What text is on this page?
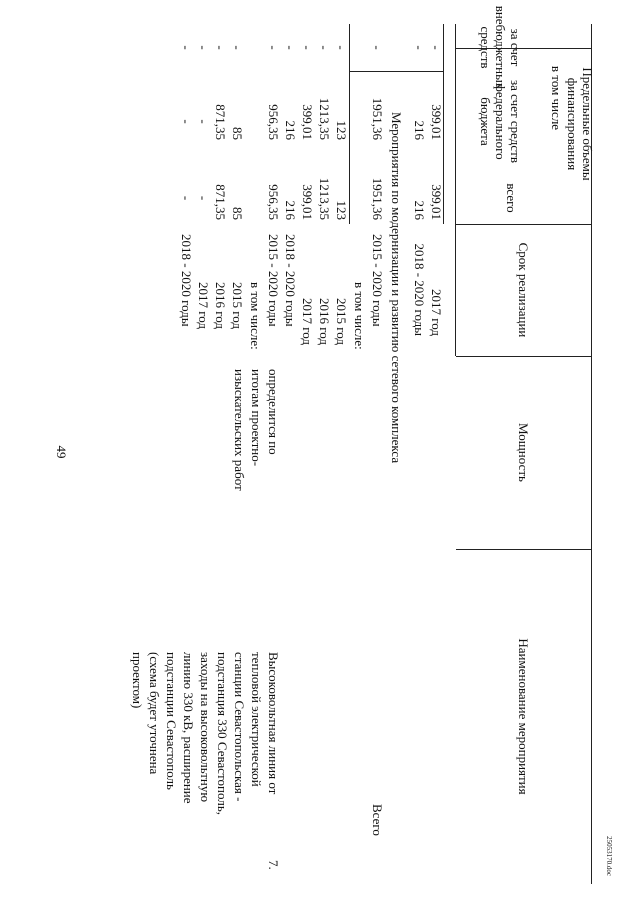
49
25053170.doc
Наименование мероприятия
Мощность
Срок реализации
Предельные объемы финансирования
всего
в том числе
за счет средств федерального бюджета
за счет внебюджетных средств
2017 год
399,01
399,01
-
2018 - 2020 годы
216
216
-
Мероприятия по модернизации и развитию сетевого комплекса
Всего
2015 - 2020 годы
1951,36
1951,36
-
в том числе:
2015 год
123
123
-
2016 год
1213,35
1213,35
-
2017 год
399,01
399,01
-
2018 - 2020 годы
216
216
-
7.
Высоковольтная линия от
тепловой электрической
станции Севастопольская -
подстанция 330 Севастополь,
заходы на высоковольтную
линию 330 кВ, расширение
подстанции Севастополь
(схема будет уточнена
проектом)
определится по
итогам проектно-
изыскательских работ
2015 - 2020 годы
956,35
956,35
-
в том числе:
2015 год
85
85
-
2016 год
871,35
871,35
-
2017 год
-
-
-
2018 - 2020 годы
-
-
-
